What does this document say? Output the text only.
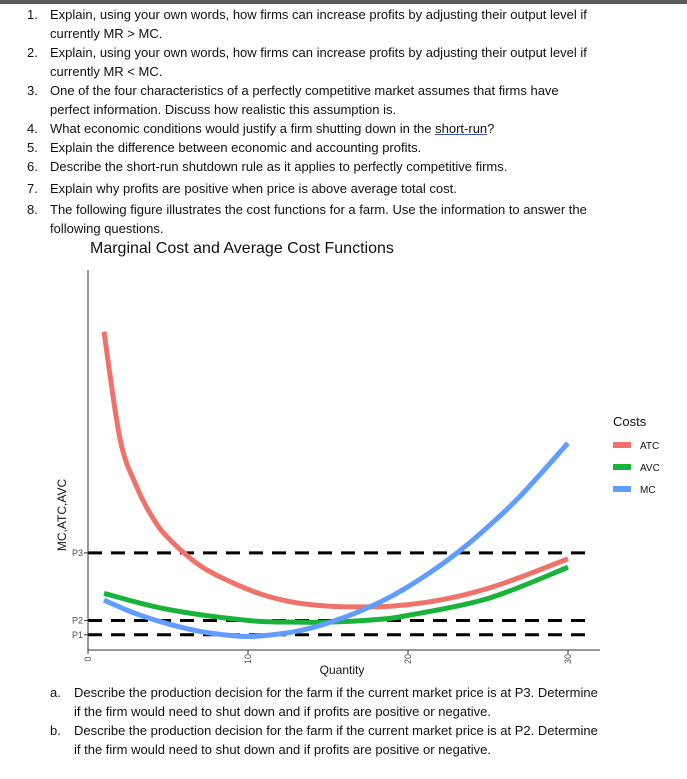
1. Explain, using your own words, how firms can increase profits by adjusting their output level if
currently MR > MC.
2. Explain, using your own words, how firms can increase profits by adjusting their output level if
currently MR < MC.
3. One of the four characteristics of a perfectly competitive market assumes that firms have
perfect information. Discuss how realistic this assumption is.
4. What economic conditions would justify a firm shutting down in the short-run?
5. Explain the difference between economic and accounting profits.
6. Describe the short-run shutdown rule as it applies to perfectly competitive firms.
7. Explain why profits are positive when price is above average total cost.
8. The following figure illustrates the cost functions for a farm. Use the information to answer the
following questions.
Marginal Cost and Average Cost Functions
0	10	20	30
P1
P2
P3
Quantity
MC,ATC,AVC
Costs
ATC
AVC
MC
a.	Describe the production decision for the farm if the current market price is at P3. Determine
if the firm would need to shut down and if profits are positive or negative.
b.	Describe the production decision for the farm if the current market price is at P2. Determine
if the firm would need to shut down and if profits are positive or negative.
